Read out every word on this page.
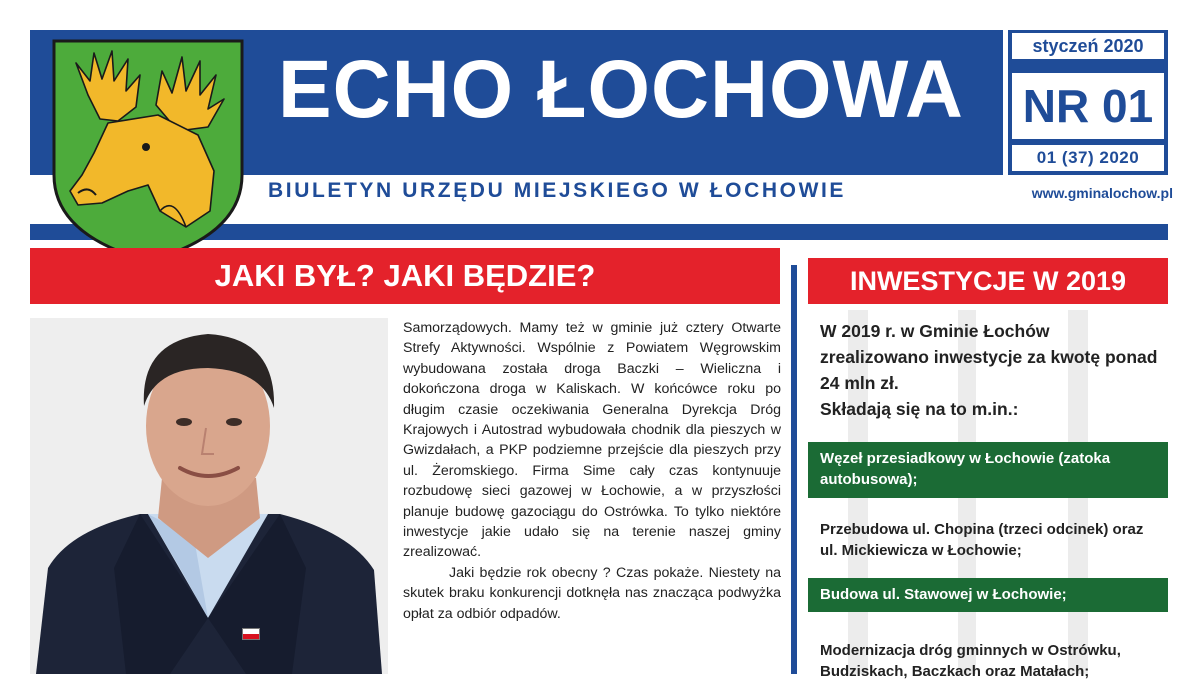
ECHO ŁOCHOWA
BIULETYN URZĘDU MIEJSKIEGO W ŁOCHOWIE
styczeń 2020
NR 01
01 (37) 2020
www.gminalochow.pl
JAKI BYŁ? JAKI BĘDZIE?

Samorządowych. Mamy też w gminie już cztery Otwarte Strefy Aktywności. Wspólnie z Powiatem Węgrowskim wybudowana została droga Baczki – Wieliczna i dokończona droga w Kaliskach. W końcówce roku po długim czasie oczekiwania Generalna Dyrekcja Dróg Krajowych i Autostrad wybudowała chodnik dla pieszych w Gwizdałach, a PKP podziemne przejście dla pieszych przy ul. Żeromskiego. Firma Sime cały czas kontynuuje rozbudowę sieci gazowej w Łochowie, a w przyszłości planuje budowę gazociągu do Ostrówka. To tylko niektóre inwestycje jakie udało się na terenie naszej gminy zrealizować.

Jaki będzie rok obecny ? Czas pokaże. Niestety na skutek braku konkurencji dotknęła nas znacząca podwyżka opłat za odbiór odpadów.

INWESTYCJE W 2019

W 2019 r. w Gminie Łochów zrealizowano inwestycje za kwotę ponad 24 mln zł.

Składają się na to m.in.:

Węzeł przesiadkowy w Łochowie (zatoka autobusowa);
Przebudowa ul. Chopina (trzeci odcinek) oraz ul. Mickiewicza w Łochowie;
Budowa ul. Stawowej w Łochowie;
Modernizacja dróg gminnych w Ostrówku, Budziskach, Baczkach oraz Matałach;
